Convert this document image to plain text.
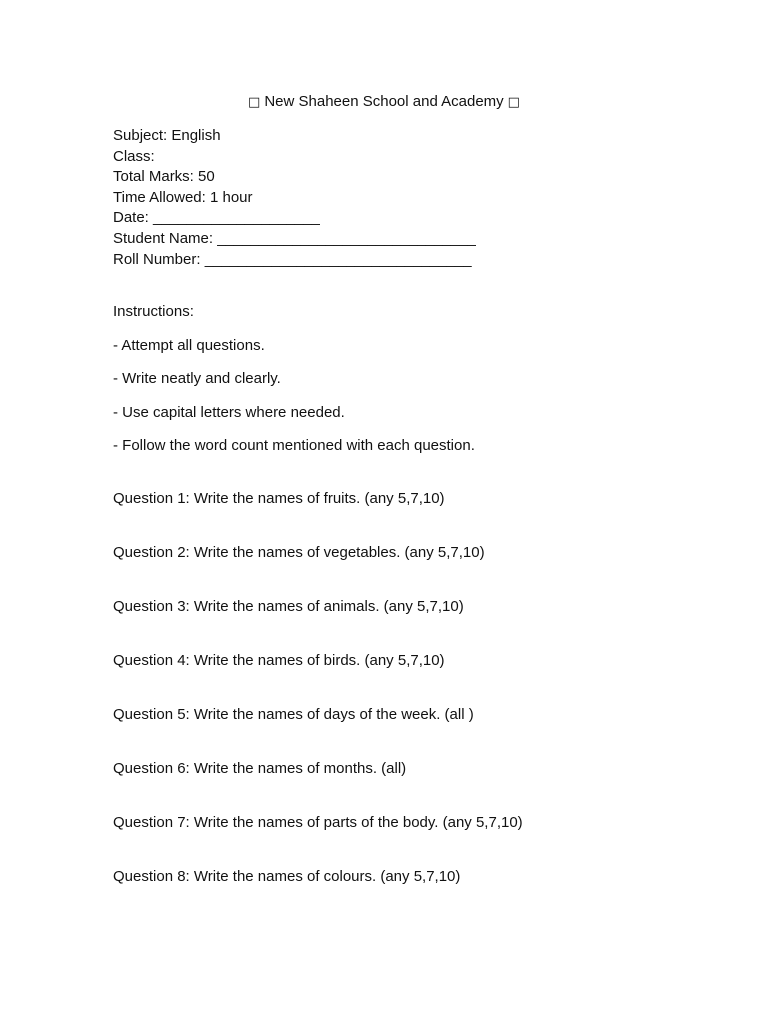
□ New Shaheen School and Academy □
Subject: English
Class:
Total Marks: 50
Time Allowed: 1 hour
Date: ____________________
Student Name: _______________________________
Roll Number: ________________________________
Instructions:
- Attempt all questions.
- Write neatly and clearly.
- Use capital letters where needed.
- Follow the word count mentioned with each question.
Question 1: Write the names of fruits. (any 5,7,10)
Question 2: Write the names of vegetables. (any 5,7,10)
Question 3: Write the names of animals. (any 5,7,10)
Question 4: Write the names of birds. (any 5,7,10)
Question 5: Write the names of days of the week. (all )
Question 6: Write the names of months. (all)
Question 7: Write the names of parts of the body. (any 5,7,10)
Question 8: Write the names of colours. (any 5,7,10)
